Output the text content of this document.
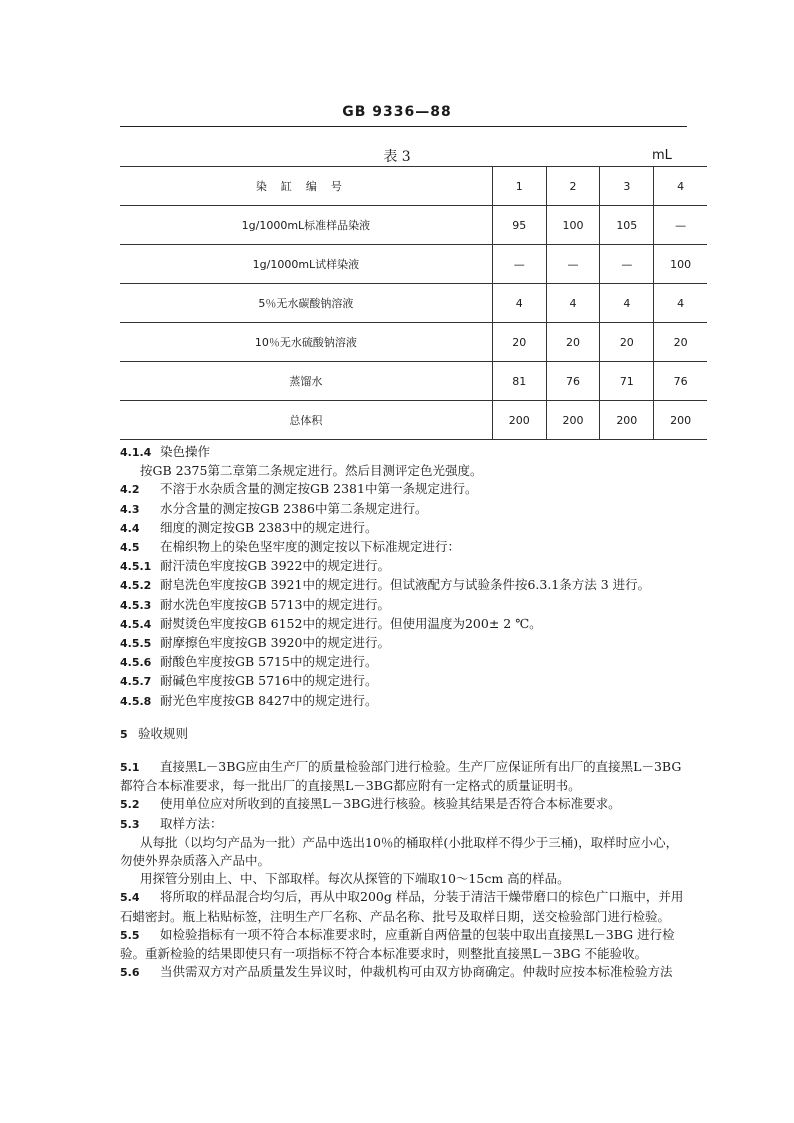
GB 9336—88
表 3	mL
染缸编号	1	2	3	4
1g/1000mL标准样品染液	95	100	105	—
1g/1000mL试样染液	—	—	—	100
5％无水碳酸钠溶液	4	4	4	4
10％无水硫酸钠溶液	20	20	20	20
蒸馏水	81	76	71	76
总体积	200	200	200	200
4.1.4 染色操作
按GB 2375第二章第二条规定进行。然后目测评定色光强度。
4.2 不溶于水杂质含量的测定按GB 2381中第一条规定进行。
4.3 水分含量的测定按GB 2386中第二条规定进行。
4.4 细度的测定按GB 2383中的规定进行。
4.5 在棉织物上的染色坚牢度的测定按以下标准规定进行：
4.5.1 耐汗渍色牢度按GB 3922中的规定进行。
4.5.2 耐皂洗色牢度按GB 3921中的规定进行。但试液配方与试验条件按6.3.1条方法 3 进行。
4.5.3 耐水洗色牢度按GB 5713中的规定进行。
4.5.4 耐熨烫色牢度按GB 6152中的规定进行。但使用温度为200± 2 ℃。
4.5.5 耐摩擦色牢度按GB 3920中的规定进行。
4.5.6 耐酸色牢度按GB 5715中的规定进行。
4.5.7 耐碱色牢度按GB 5716中的规定进行。
4.5.8 耐光色牢度按GB 8427中的规定进行。
5 验收规则
5.1 直接黑L－3BG应由生产厂的质量检验部门进行检验。生产厂应保证所有出厂的直接黑L－3BG
都符合本标准要求，每一批出厂的直接黑L－3BG都应附有一定格式的质量证明书。
5.2 使用单位应对所收到的直接黑L－3BG进行核验。核验其结果是否符合本标准要求。
5.3 取样方法：
从每批（以均匀产品为一批）产品中选出10％的桶取样(小批取样不得少于三桶)，取样时应小心，
勿使外界杂质落入产品中。
用探管分别由上、中、下部取样。每次从探管的下端取10～15cm 高的样品。
5.4 将所取的样品混合均匀后，再从中取200g 样品，分装于清洁干燥带磨口的棕色广口瓶中，并用
石蜡密封。瓶上粘贴标签，注明生产厂名称、产品名称、批号及取样日期，送交检验部门进行检验。
5.5 如检验指标有一项不符合本标准要求时，应重新自两倍量的包装中取出直接黑L－3BG 进行检
验。重新检验的结果即使只有一项指标不符合本标准要求时，则整批直接黑L－3BG 不能验收。
5.6 当供需双方对产品质量发生异议时，仲裁机构可由双方协商确定。仲裁时应按本标准检验方法
